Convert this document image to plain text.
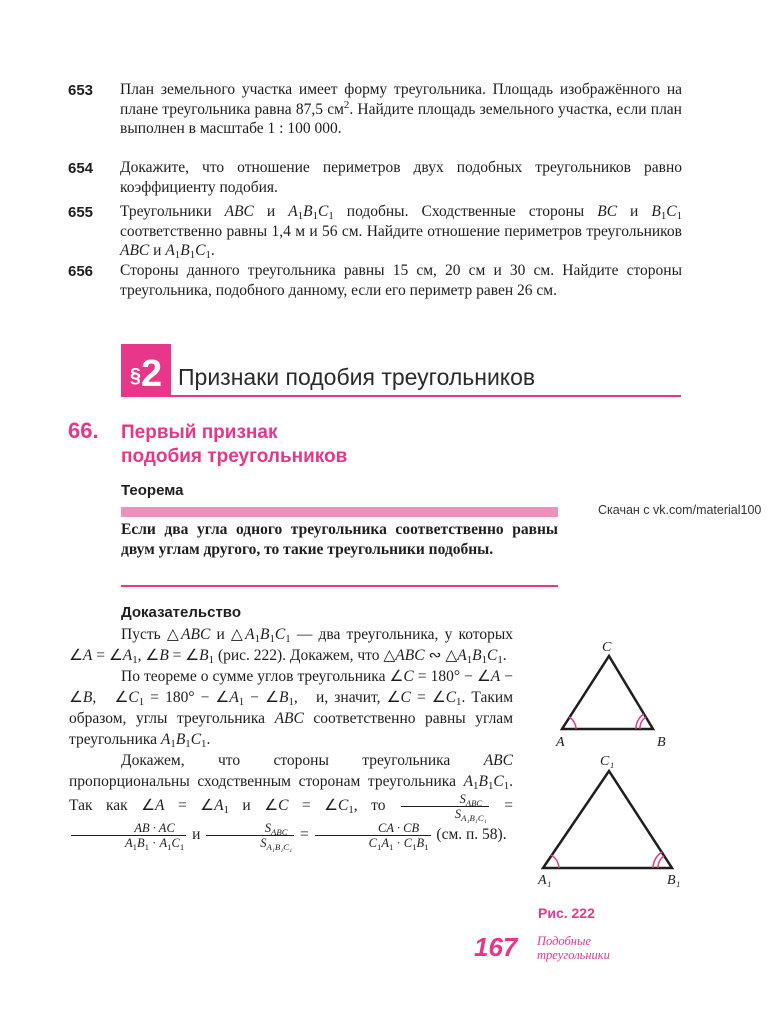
653 План земельного участка имеет форму треугольника. Площадь изображённого на плане треугольника равна 87,5 $см^2$. Найдите площадь земельного участка, если план выполнен в масштабе 1 : 100 000.

654 Докажите, что отношение периметров двух подобных треугольников равно коэффициенту подобия.
655 Треугольники ABC и $A_1B_1C_1$ подобны. Сходственные стороны BC и $B_1C_1$ соответственно равны 1,4 м и 56 см. Найдите отношение периметров треугольников ABC и $A_1B_1C_1$.

656 Стороны данного треугольника равны 15 см, 20 см и 30 см. Найдите стороны треугольника, подобного данному, если его периметр равен 26 см.
§ 2 Признаки подобия треугольников
66. Первый признак
подобия треугольников
Теорема
Если два угла одного треугольника соответственно равны двум углам другого, то такие треугольники подобны.
Скачан с vk.com/material100
Доказательство

Пусть △ABC и $\triangle A_1B_1C_1$ — два треугольника, у которых ∠A = $\angle A_1$, ∠B = $\angle B_1$ (рис. 222). Докажем, что △ABC ∾ $\triangle A_1B_1C_1$.

По теореме о сумме углов треугольника ∠C = 180° − ∠A − ∠B,   $\angle C_1 = 180^\circ$ − $\angle A_1$ − $\angle B_1$,   и, значит, ∠C = $\angle C_1$. Таким образом, углы треугольника ABC соответственно равны углам треугольника $A_1B_1C_1$.

Докажем, что стороны треугольника ABC пропорциональны сходственным сторонам треугольника $A_1B_1C_1$. Так как ∠A = $\angle A_1$ и ∠C = $\angle C_1$, то $\frac{S_{ABC}}{S_{A_1B_1C_1}}$ =
$\frac{AB \cdot AC}{A_1B_1 \cdot A_1C_1}$ и $\frac{S_{ABC}}{S_{A_1B_1C_1}} = \frac{CA \cdot CB}{C_1A_1 \cdot C_1B_1} (см$. п. 58).

C
A	B
C₁
A₁	B₁
Рис. 222
167 Подобные
треугольники
